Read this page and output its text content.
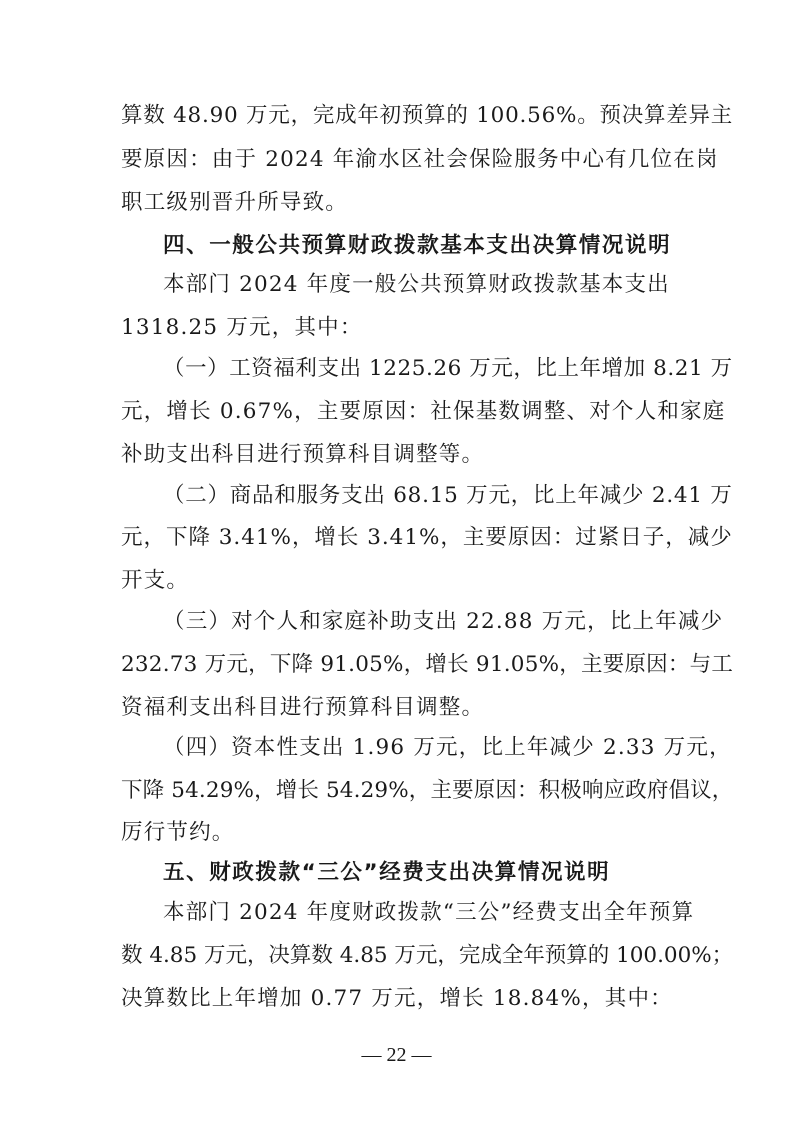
算数 48.90 万元，完成年初预算的 100.56%。预决算差异主
要原因：由于 2024 年渝水区社会保险服务中心有几位在岗
职工级别晋升所导致。
四、一般公共预算财政拨款基本支出决算情况说明
本部门 2024 年度一般公共预算财政拨款基本支出
1318.25 万元，其中：
（一）工资福利支出 1225.26 万元，比上年增加 8.21 万
元，增长 0.67%，主要原因：社保基数调整、对个人和家庭
补助支出科目进行预算科目调整等。
（二）商品和服务支出 68.15 万元，比上年减少 2.41 万
元，下降 3.41%，增长 3.41%，主要原因：过紧日子，减少
开支。
（三）对个人和家庭补助支出 22.88 万元，比上年减少
232.73 万元，下降 91.05%，增长 91.05%，主要原因：与工
资福利支出科目进行预算科目调整。
（四）资本性支出 1.96 万元，比上年减少 2.33 万元，
下降 54.29%，增长 54.29%，主要原因：积极响应政府倡议，
厉行节约。
五、财政拨款“三公”经费支出决算情况说明
本部门 2024 年度财政拨款“三公”经费支出全年预算
数 4.85 万元，决算数 4.85 万元，完成全年预算的 100.00%；
决算数比上年增加 0.77 万元，增长 18.84%，其中：
— 22 —
